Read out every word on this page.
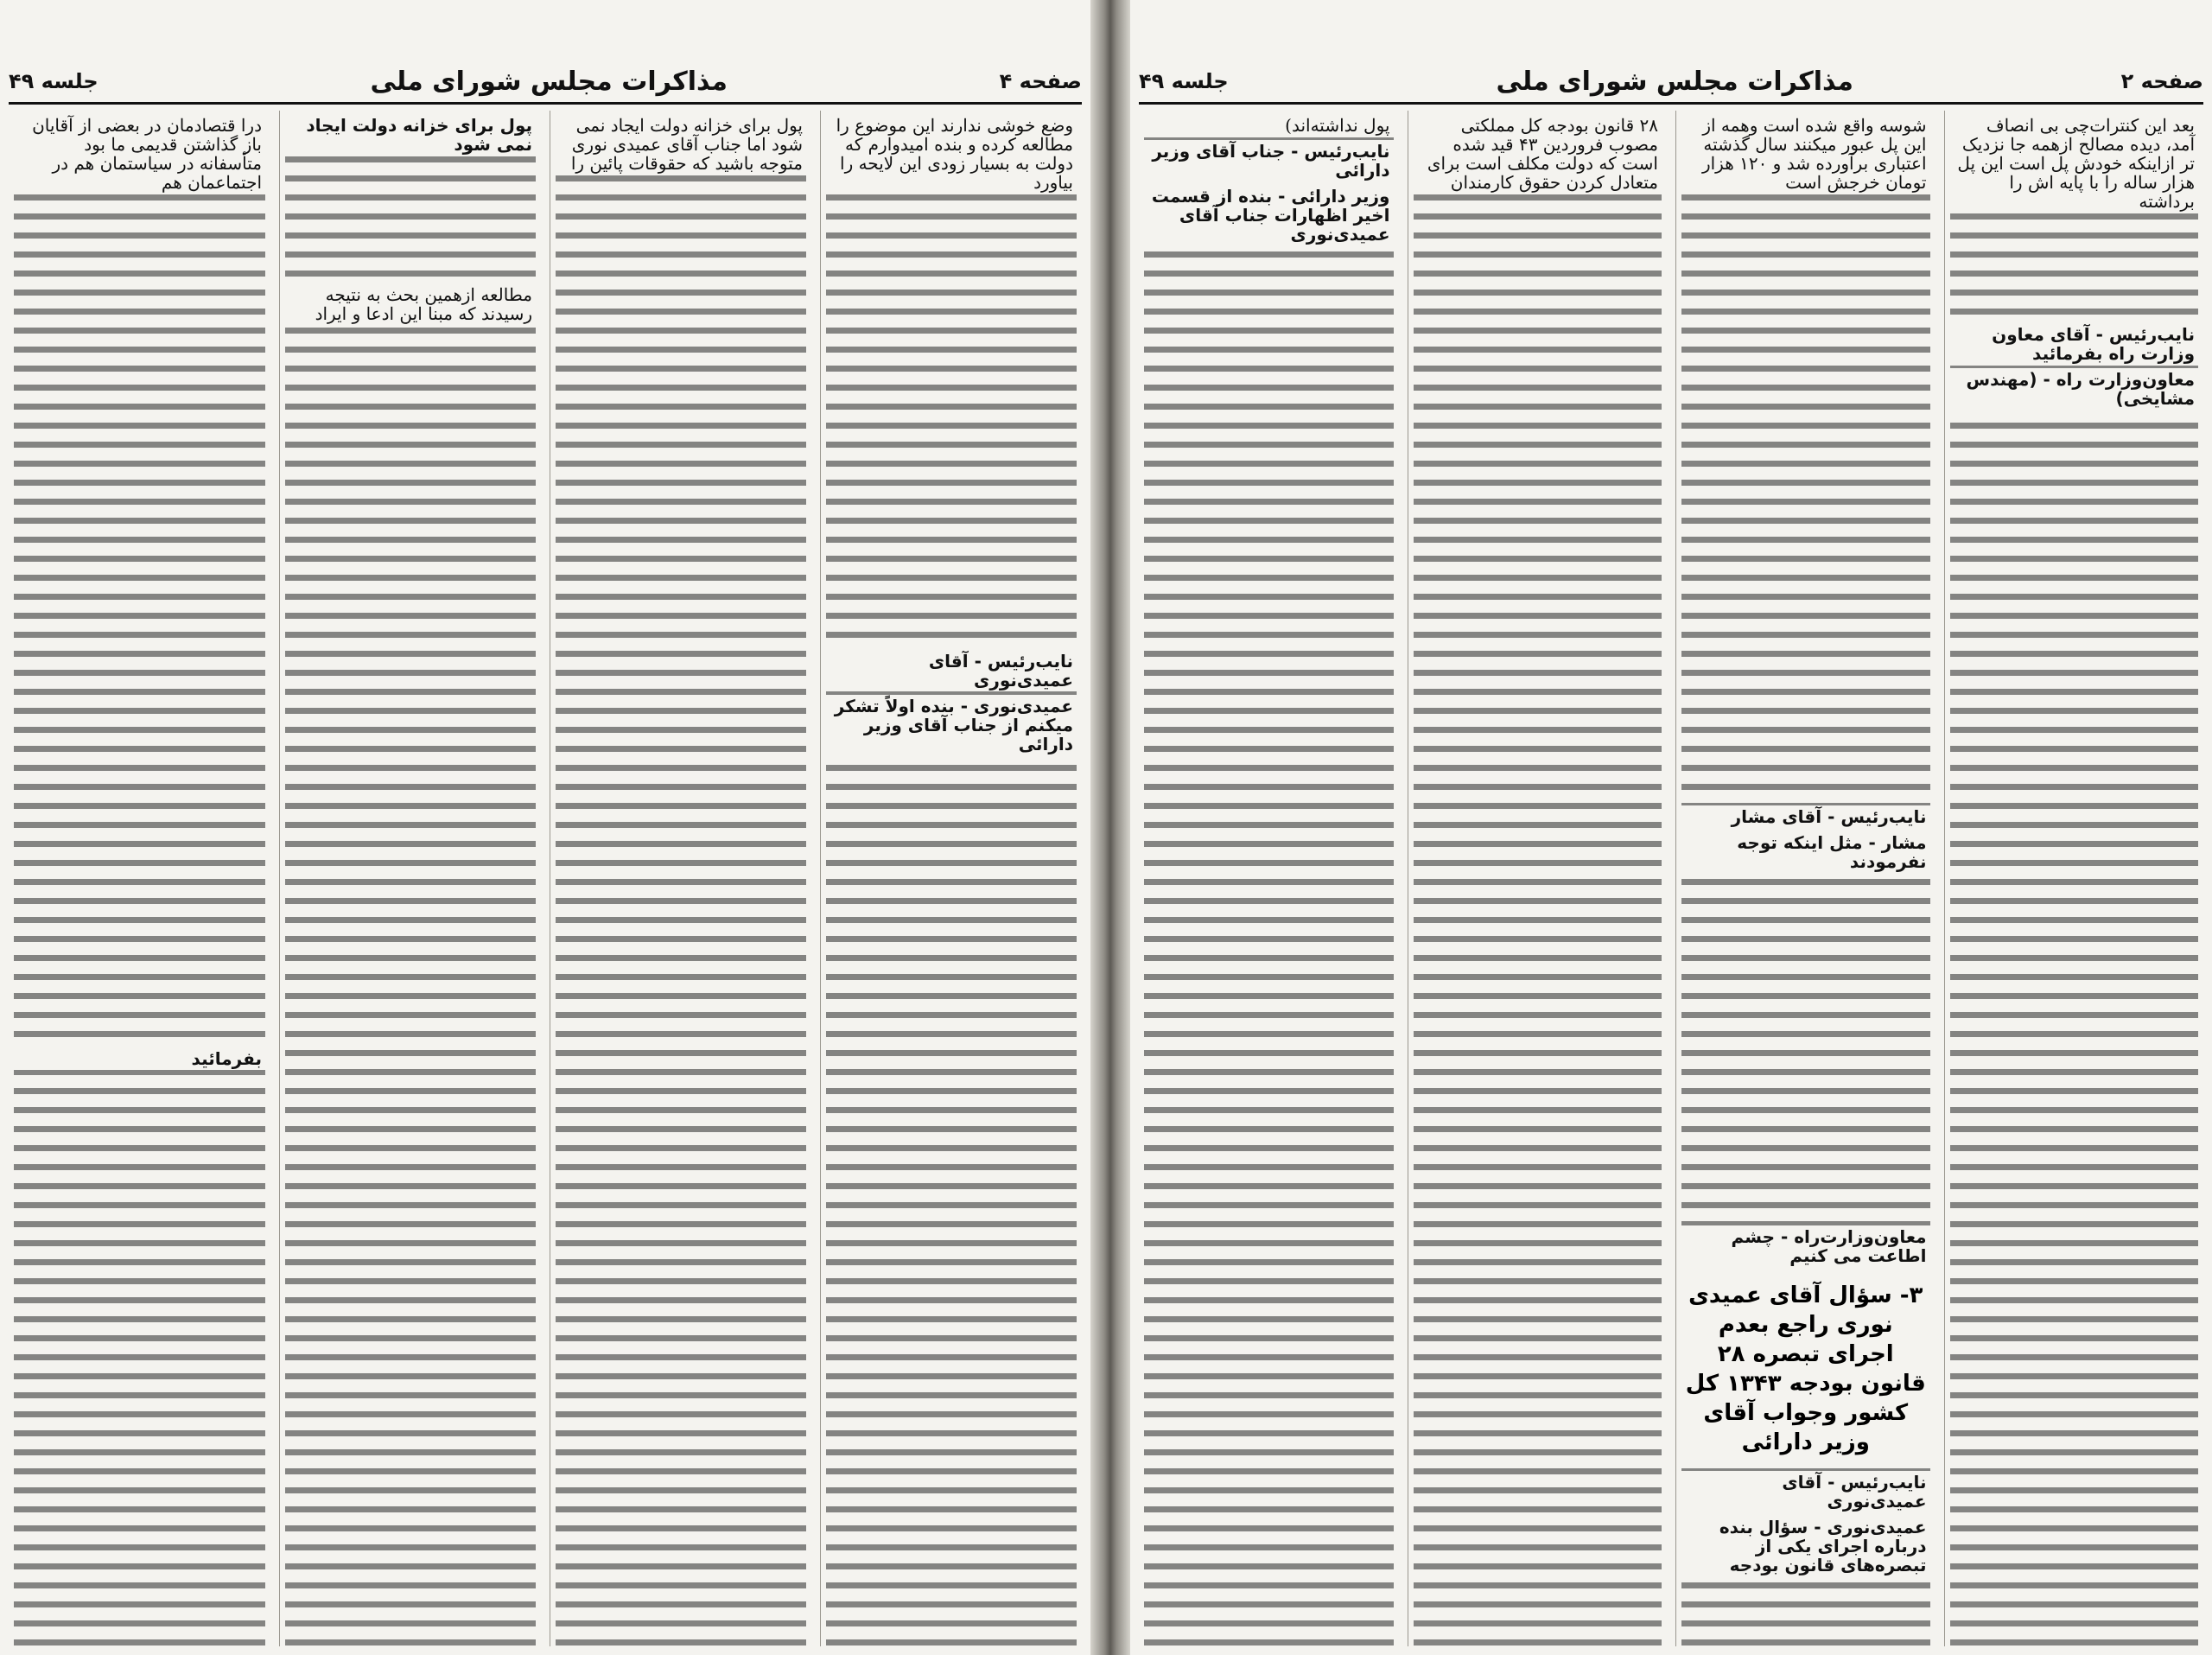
صفحه ۴
مذاکرات مجلس شورای ملی
جلسه ۴۹
وضع خوشی ندارند این موضوع را مطالعه کرده و بنده امیدوارم که دولت به بسیار زودی این لایحه را بیاورد
نایب‌رئیس - آقای عمیدی‌نوری
عمیدی‌نوری - بنده اولاً تشکر میکنم از جناب آقای وزیر دارائی
پول برای خزانه دولت ایجاد نمی شود اما جناب آقای عمیدی نوری متوجه باشید که حقوقات پائین را
پول برای خزانه دولت ایجاد نمی شود
مطالعه ازهمین بحث به نتیجه رسیدند که مبنا این ادعا و ایراد
درا قتصادمان در بعضی از آقایان باز گذاشتن قدیمی ما بود متأسفانه در سیاستمان هم در اجتماعمان هم
بفرمائید
صفحه ۲
مذاکرات مجلس شورای ملی
جلسه ۴۹
بعد این کنترات‌چی بی انصاف آمد، دیده مصالح ازهمه جا نزدیک تر ازاینکه خودش پل است این پل هزار ساله را با پایه اش را برداشته
نایب‌رئیس - آقای معاون وزارت راه بفرمائید
معاون‌وزارت راه - (مهندس مشایخی)
شوسه واقع شده است وهمه از این پل عبور میکنند سال گذشته اعتباری برآورده شد و ۱۲۰ هزار تومان خرجش است
نایب‌رئیس - آقای مشار
مشار - مثل اینکه توجه نفرمودند
معاون‌وزارت‌راه - چشم اطاعت می کنیم
۳- سؤال آقای عمیدی نوری راجع بعدم اجرای تبصره ۲۸ قانون بودجه ۱۳۴۳ کل کشور وجواب آقای وزیر دارائی
نایب‌رئیس - آقای عمیدی‌نوری
عمیدی‌نوری - سؤال بنده درباره اجرای یکی از تبصره‌های قانون بودجه
۲۸ قانون بودجه کل مملکتی مصوب فروردین ۴۳ قید شده است که دولت مکلف است برای متعادل کردن حقوق کارمندان
پول نداشته‌اند)
نایب‌رئیس - جناب آقای وزیر دارائی
وزیر دارائی - بنده از قسمت اخیر اظهارات جناب آقای عمیدی‌نوری
